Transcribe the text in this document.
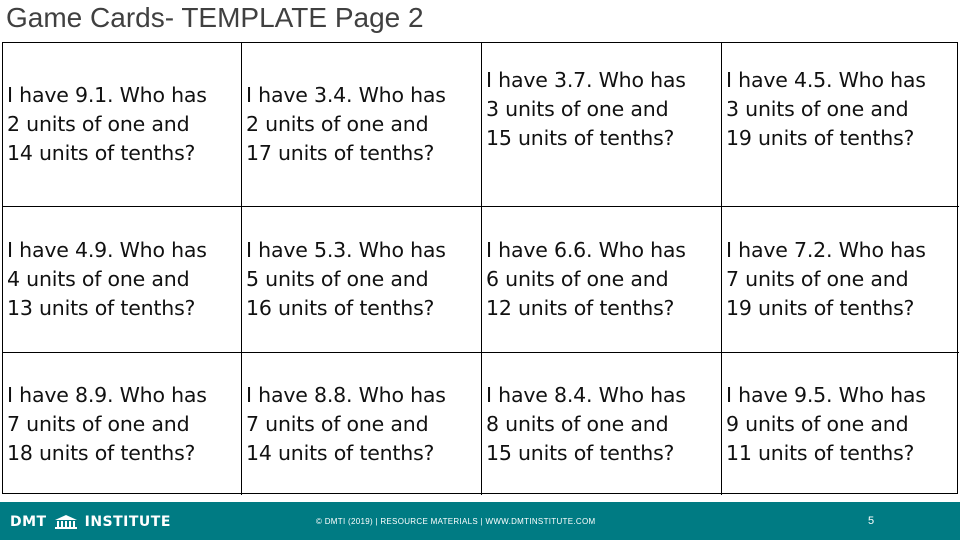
Game Cards- TEMPLATE Page 2
I have 9.1. Who has
2 units of one and
14 units of tenths?
I have 3.4. Who has
2 units of one and
17 units of tenths?
I have 3.7. Who has
3 units of one and
15 units of tenths?
I have 4.5. Who has
3 units of one and
19 units of tenths?
I have 4.9. Who has
4 units of one and
13 units of tenths?
I have 5.3. Who has
5 units of one and
16 units of tenths?
I have 6.6. Who has
6 units of one and
12 units of tenths?
I have 7.2. Who has
7 units of one and
19 units of tenths?
I have 8.9. Who has
7 units of one and
18 units of tenths?
I have 8.8. Who has
7 units of one and
14 units of tenths?
I have 8.4. Who has
8 units of one and
15 units of tenths?
I have 9.5. Who has
9 units of one and
11 units of tenths?
DMT	INSTITUTE	© DMTI (2019) | RESOURCE MATERIALS | WWW.DMTINSTITUTE.COM	5
